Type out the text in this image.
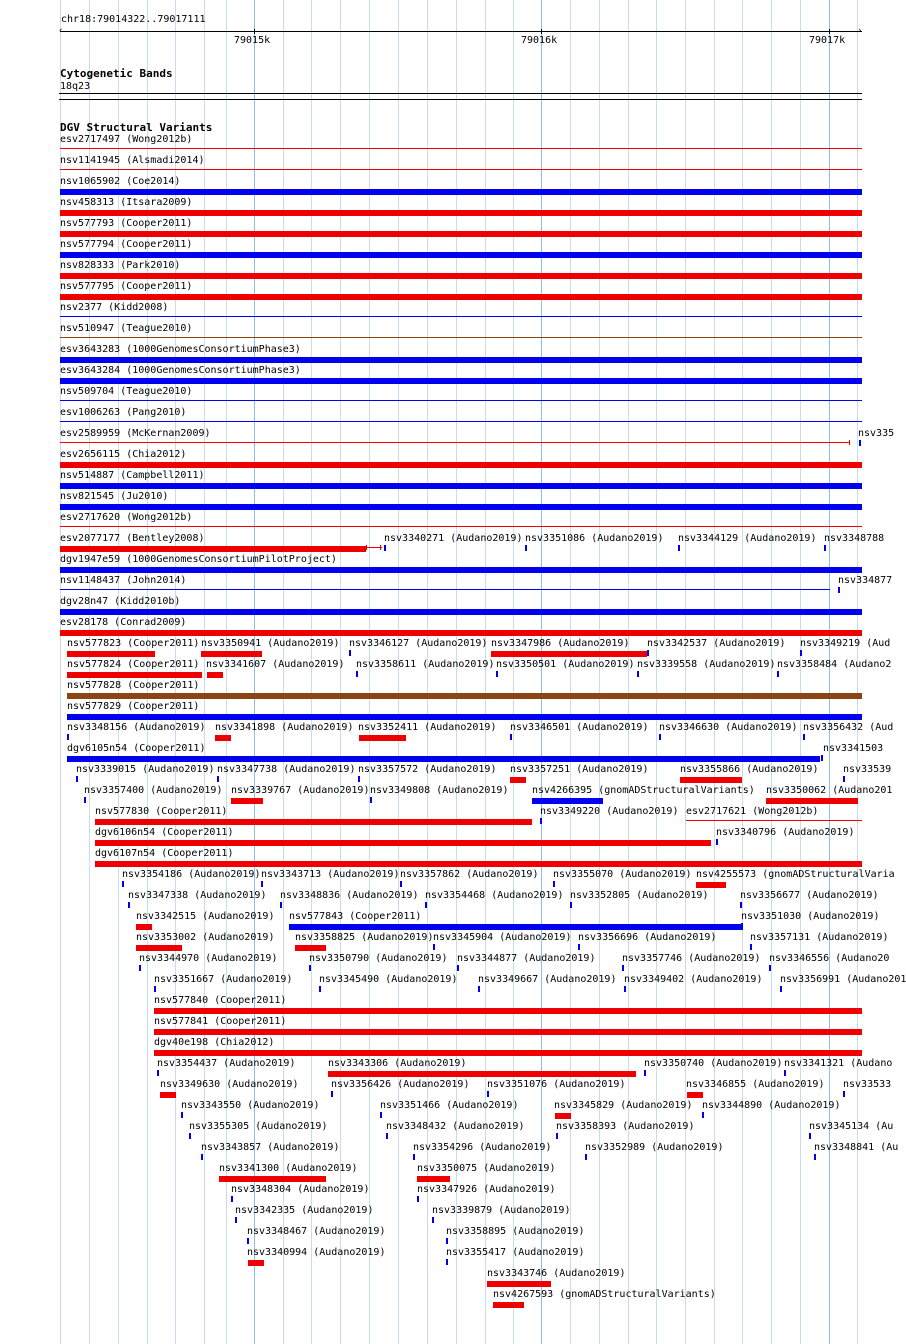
chr18:79014322..79017111
‹	›
79015k	79016k	79017k
Cytogenetic Bands
18q23
DGV Structural Variants
esv2717497 (Wong2012b)
nsv1141945 (Alsmadi2014)
nsv1065902 (Coe2014)
nsv458313 (Itsara2009)
nsv577793 (Cooper2011)
nsv577794 (Cooper2011)
nsv828333 (Park2010)
nsv577795 (Cooper2011)
nsv2377 (Kidd2008)
nsv510947 (Teague2010)
esv3643283 (1000GenomesConsortiumPhase3)
esv3643284 (1000GenomesConsortiumPhase3)
nsv509704 (Teague2010)
esv1006263 (Pang2010)
esv2589959 (McKernan2009)	nsv335
esv2656115 (Chia2012)
nsv514887 (Campbell2011)
nsv821545 (Ju2010)
esv2717620 (Wong2012b)
esv2077177 (Bentley2008)	nsv3340271 (Audano2019) nsv3351086 (Audano2019) nsv3344129 (Audano2019) nsv3348788
dgv1947e59 (1000GenomesConsortiumPilotProject)
nsv1148437 (John2014)	nsv334877
dgv28n47 (Kidd2010b)
esv28178 (Conrad2009)
nsv577823 (Cooper2011) nsv3350941 (Audano2019) nsv3346127 (Audano2019) nsv3347986 (Audano2019) nsv3342537 (Audano2019) nsv3349219 (Aud
nsv577824 (Cooper2011) nsv3341607 (Audano2019) nsv3358611 (Audano2019) nsv3350501 (Audano2019) nsv3339558 (Audano2019) nsv3358484 (Audano2
nsv577828 (Cooper2011)
nsv577829 (Cooper2011)
nsv3348156 (Audano2019) nsv3341898 (Audano2019) nsv3352411 (Audano2019) nsv3346501 (Audano2019) nsv3346630 (Audano2019) nsv3356432 (Aud
dgv6105n54 (Cooper2011)	nsv3341503
nsv3339015 (Audano2019) nsv3347738 (Audano2019) nsv3357572 (Audano2019) nsv3357251 (Audano2019)	nsv3355866 (Audano2019) nsv33539
nsv3357400 (Audano2019) nsv3339767 (Audano2019) nsv3349808 (Audano2019) nsv4266395 (gnomADStructuralVariants) nsv3350062 (Audano201
nsv577830 (Cooper2011)	nsv3349220 (Audano2019) esv2717621 (Wong2012b)
dgv6106n54 (Cooper2011)	nsv3340796 (Audano2019)
dgv6107n54 (Cooper2011)
nsv3354186 (Audano2019) nsv3343713 (Audano2019) nsv3357862 (Audano2019) nsv3355070 (Audano2019) nsv4255573 (gnomADStructuralVaria
nsv3347338 (Audano2019) nsv3348836 (Audano2019) nsv3354468 (Audano2019) nsv3352805 (Audano2019)	nsv3356677 (Audano2019)
nsv3342515 (Audano2019) nsv577843 (Cooper2011)	nsv3351030 (Audano2019)
nsv3353002 (Audano2019) nsv3358825 (Audano2019) nsv3345904 (Audano2019) nsv3356696 (Audano2019)	nsv3357131 (Audano2019)
nsv3344970 (Audano2019)	nsv3350790 (Audano2019) nsv3344877 (Audano2019)	nsv3357746 (Audano2019) nsv3346556 (Audano20
nsv3351667 (Audano2019)	nsv3345490 (Audano2019) nsv3349667 (Audano2019) nsv3349402 (Audano2019) nsv3356991 (Audano201
nsv577840 (Cooper2011)
nsv577841 (Cooper2011)
dgv40e198 (Chia2012)
nsv3354437 (Audano2019)	nsv3343306 (Audano2019)	nsv3350740 (Audano2019) nsv3341321 (Audano
nsv3349630 (Audano2019)	nsv3356426 (Audano2019) nsv3351076 (Audano2019)	nsv3346855 (Audano2019) nsv33533
nsv3343550 (Audano2019)	nsv3351466 (Audano2019)	nsv3345829 (Audano2019) nsv3344890 (Audano2019)
nsv3355305 (Audano2019)	nsv3348432 (Audano2019)	nsv3358393 (Audano2019)	nsv3345134 (Au
nsv3343857 (Audano2019)	nsv3354296 (Audano2019)	nsv3352989 (Audano2019)	nsv3348841 (Au
nsv3341300 (Audano2019)	nsv3350075 (Audano2019)
nsv3348304 (Audano2019)	nsv3347926 (Audano2019)
nsv3342335 (Audano2019)	nsv3339879 (Audano2019)
nsv3348467 (Audano2019)	nsv3358895 (Audano2019)
nsv3340994 (Audano2019)	nsv3355417 (Audano2019)
nsv3343746 (Audano2019)
nsv4267593 (gnomADStructuralVariants)
